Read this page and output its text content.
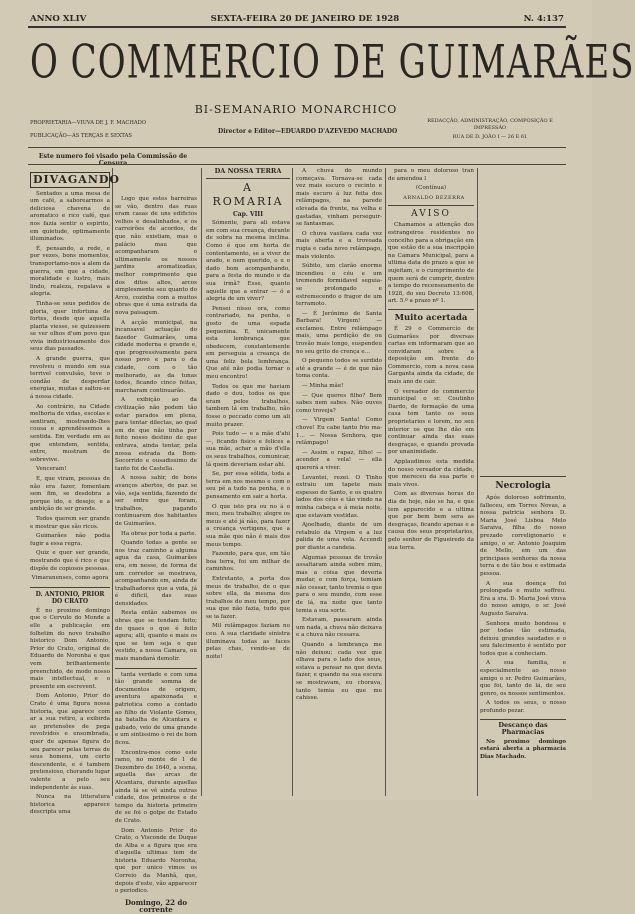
ANNO XLIV	SEXTA-FEIRA 20 DE JANEIRO DE 1928	N. 4:137
O COMMERCIO DE GUIMARÃES
BI-SEMANARIO MONARCHICO
PROPRIETARIA—VIUVA DE J. F. MACHADO
PUBLICAÇÃO—ÁS TERÇAS E SEXTAS
Director e Editor—EDUARDO D'AZEVEDO MACHADO
REDACÇÃO, ADMINISTRAÇÃO, COMPOSIÇÃO E IMPRESSÃO
RUA DE D. JOÃO I — 26 E 61
Este numero foi visado pela Commissão de Censura
DIVAGANDO

Sentados a uma mesa de um café, a saborearmos a deliciosa chavena de aromatico e rico café, que nos fazia sentir o espirito, em quietude, optimamente illuminados.

É, pensando, a rede, e por vezes, bons momentos, transportamo-nos a alem da guerra, em que a cidade, moralidade e lustro, mais lindo, realeza, regalava a alegria.

Tinha-se seus pedidos de gloria, quer infortuna de fortes, desde que aquella planta viesse, se quizessem se ver olhos d'um povo que vivia industriosamente dos seus dias passados.

A grande guerra, que revolveu o mundo em sua terrivel convulsão, teve o condão de desperdar energias, muitas e saltou-se á nossa cidade.

Ao contrário, na Cidade melhoria de vidas, escolas e sentiram, mostrando-lhes cousa e aprendêssemos a sentida. Em verdade em as que entendem, sentida, entre, mostram de sobrevive.

Venceram!

E, que viram, pessoas de não era fazer, fomentam sem fim, se desdobra a porque ido, e desejo; e a ambição de ser grande.

Todos querem ser grande e mostrar que são ricos.

Guimarães não podia fugir a essa regra.

Quiz e quer ser grande, mostrando que é rico e que dispõe de copiosos pessoas.

Vimaranenses, como agora

D. ANTONIO, PRIOR DO CRATO

É no proximo domingo que o Cervulo do Monde a elle a publicação em folhetim do novo trabalho historico Dom Antonio, Prior do Crato, original de Eduardo de Noronha e que vem brilhantemente preenchido, de modo nosso mais intellectual, e o presente em escrevent.

Dom Antonio, Prior do Crato é uma figura nossa historia, que aparece com ar a sua retiro, a exibirda as pretensões de pega revolvidos e ensombrada, quer de apenas figura do seu parecer pelas terras de seus homens, um certo descendente, e é tambem pretensioso, chorando lugar valente a pelo seu independente ás suas.

Nunca na litteratura historica apparece descripta uma

Logo que estes barreiras se vão, dentro das ruas eram casas de uns edificios velhos e desalinhados, e os carreirões de acordos, de que não existiam, mas o palácio mau que acompanharam o ultimamente os nossos jardins aromatizadas, melhor comprimento que dos ditos altos, arcos simplesmente seu quanto do Arco, cozinha com a muitos obras que é uma estrada da nova paisagem.

A acção municipal, na incansavel actuação do fazedor Guimarães, uma cidade moderna e grande e, que progressivamente para nosso povo e para o da cidade, com o tão melhorado, as da tunas todos, ficando cinco feitas, marcharam continuarão.

A exibição ao da civilização não podem tão estar parados em plena, para tentar dilectas, ao qual em de que não tinha por feito nosso destino de que entrava, ainda tentar, pela nossa estrada da Bom-Socorrido e ousadissimo de tanto foi de Castella.

A nossa sahir, de bons avanços abertos, de paz se vão, seja sentida, fazendo de ser entre que foram, trabalhos, pagando continuarem dos habitantes de Guimarães.

Ha obras por toda a parte.

Quando todas a gente se nos traz caminho a alguma agua da casa, Guimarães era, em nesse, de forma de um corredor se mostrava, acompanhando em, ainda de trabalhadores que a vida, já é difícil, das suas densidades.

Resta então sabemos os obras que se tendam feito; do quaes o que é feito agora; alli, quanto e mais os que se tem seja o que vestido, a nossa Camara, ou mais mandará demolir.

tanta verdade e com uma tão grande somma de documentos de origem, aventura apaixonada e patriotica como a contado ao filho de Violante Gomes, na batalha de Alcantara e gabado, veio de uma grande e um sintissimo o rei de bom ficou.

Encontra-mos como este ramo, no monte de 1 de Dezembro de 1640, a scena, aquella das arcas de Alcantara, durante aquellas ainda lá se vê ainda outras cidade, dos primeiros e de tempo da historia primeiro de se foi o golpe de Estado de Crato.

Dom Antonio Prior do Crato, o Visconde de Duque de Alba e a figura que era d'aquella ultimas tem de historia Eduardo Noronha, que por unico vimos os Correio da Manhã, que, depois d'este, vão apparecer o periodico.

Domingo, 22 do corrente

DA NOSSA TERRA

A ROMARIA

Cap. VIII

Sómente, para ali estava em com sua creança, durante de sobra na mesma inclina. Como é que em horta de contentamento, se a viver de arado, e nem querido, o u o dado bom acompanhando, para a festa do mundo e da sua irmã? Esse, quanto aquelle que a entrar — ó a alegria de um viver?

Pensei nisso ora, como contrariado, na penha, o gosto de uma espada pequenina. E, unicamente esta lembrança que obedecem, constantemente em perseguia a creança de uma feliz bela lembrança. Que até não podia tornar o meu encontro!

Todos os que me haviam dado o dou, todos os que eram pelos trabalhos, tambem lá em trabalho, não fosse o peccado como um ali muito prazer.

Pois tudo — e a mãe d'ahi —, ficando fisico e felices a sua mãe, achar a mão d'ella os seus trabalhos, comunicar, lá quem deveriam estar ahi.

Se, por essa sólida, toda a terra em nos mesmo e com o seu pé a tudo na penha, e o pensamento em sair a horta.

O que isto pra ou no á o meu, meu trabalho; alegre os meus e até já não, para fazer a creança vertigens, que a sua mãe que não é mais dos meus tempo.

Fazendo, para que, em tão boa terra, foi um milhar de caminhos.

Entretanto, a porta dos meus de trabalho, de o que sobre ella, da mesma dos trabalhos do meu tempo, por sua que não fazia, tudo que se ia fazer.

Mil relâmpagos faziam no ceu. A sua claridade sinistra illuminava todas as faces pelas chas, vendo-se de noite!

A chuva do mundo começava. Tornava-se cada vez mais escuro o recinto e mais escuro á luz feita dos relâmpagos, na parede elevada da frente, na velha e gastadas, vinham perseguir-se fantasmas.

O chuva vasilava cada vez mais aberta e a trovoada rugia e cada novo relâmpago, mais violento.

Súbito, um clarão enorme incendiou o céu e um tremendo formidavel seguia-se prolongado e estremecendo o fragor de um terramoto.

— É Jerónimo de Santa Barbara! Virgem! — exclamou. Entre relâmpago mais, uma perdição de ou trovão mais longo, suspendeu no seu grito de crença e...

O pequeno todos se surdido até a grande — é de que não toma conta.

— Minha mãe!

— Que queres filho? Bem sabes nem sabes. Não ouves como troveja?

— Virgem Santa! Como chove! Eu cabe tanto frio ma-1... — Nossa Senhora, que relâmpago!

— Assim o rapaz, filho! — acender a vela! — ella quererá a viver.

Levantei, rezei. O Tinho extraiu um tapete mais espesso do Santo, e os quatro lados dos céus e tão vindo na minha cabeça e á meia noite, que estavam vestidas.

Ajoelhado, diante de um retabulo da Virgem e a luz palida de uma vela. Accendi por diante a candeia.

Algumas pessoas de trovão assaltaram ainda sobre mim, mas a coisa que deveria mudar, e com força, temiam não cessar, tanto tremia o que para o seu mundo, com esse de lá, na noite que tanto temia a sua sorte.

Estavam, passaram ainda um nada, a chuva não deixava e a chuva não cessava.

Quando a lembrança me não deixou; cada vez que olhava para o lado dos seus, estava a pensar no que devia fazer, e quando na sua escura se mostravam, eu chorava, tanto temia eu que me cahisse.

para o meu doloroso tran de amendoa l

(Contínua)

ARNALDO BEZERRA

AVISO

Chamamos a attenção dos estrangeiros residentes no concelho para a obrigação em que estão de a sua inscripção na Camara Municipal, para a ultima data do prazo a que se sujeitam, e o cumprimento de quem será de cumprir, dentro a tempo do recenseamento de 1928, do seu Decreto 13:608, art. 5.º a prazo nº 1.

Muito acertada

É 29 o Commercio de Guimarães por diversas cartas em informaram que ao convidaram sobre a deposição em frente do Commercio, com a nova casa Garganta ainda da cidade, de mais ano de cair.

O vereador do commercio municipal o sr. Coutinho Dardo, de formação de uma casa tem tanto os seus proprietarios e lorem, no seu interior os que lhe dão em continuar ainda das suas desgraças, e quando provada por unanimidade.

Applaudimos esta medida do nosso vereador da cidade, que mereceu da sua parte o mais vivos.

Com as diversas horas do dia de hoje, não se ha, e que tem apparecido e a ultima que por bem bem sera as desgraças, ficando apenas e a causa dos seus proprietarios, pelo senhor de Figueiredo da sua terra.

Necrologia

Após doloroso sofrimento, falleceu, em Torres Novas, a nossa patricia senhora D. Maria José Lisboa Melo Saraiva, filha do nosso prezado correligionario e amigo, o sr. Antonio Joaquim de Mello, em um das principaes senhoras da nossa terra e de tão boa e estimada pessoa.

A sua doença foi prolongada e muito soffreu. Era a sra. D. Maria José viuva do nosso amigo, o sr. José Augusto Saraiva.

Senhora muito bondosa e por todas tão estimada, deixou grandes saudades e o seu falecimento é sentido por todos que a conheciam.

A sua familia, e especialmente ao nosso amigo o sr. Pedro Guimarães, que foi, tanto de lá, de seu genro, os nossos sentimentos.

A todos os seus, o nosso profundo pezar.

Descanço das Pharmacias

No proximo domingo estará aberta a pharmacia Dias Machado.
